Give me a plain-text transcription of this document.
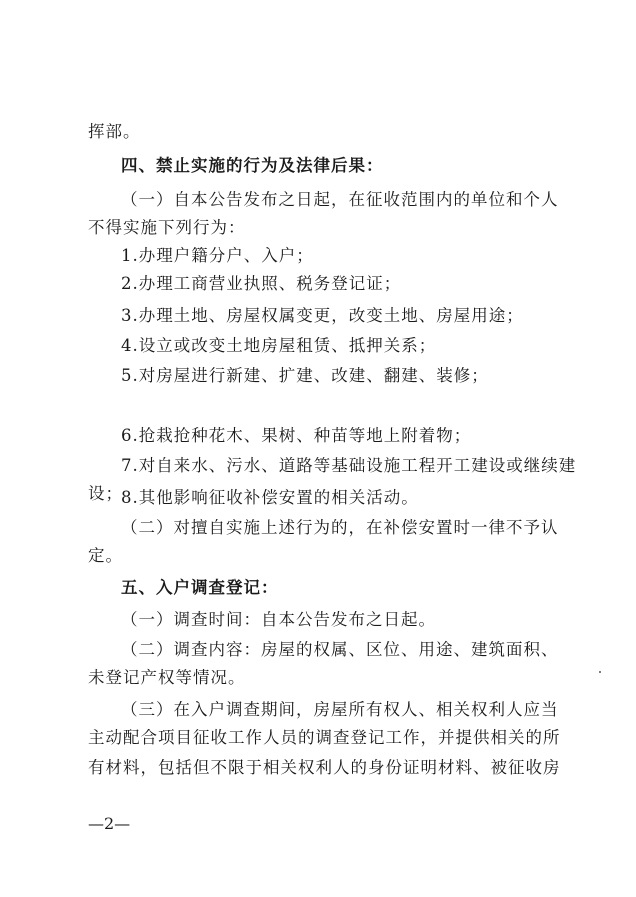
挥部。
四、禁止实施的行为及法律后果：
（一）自本公告发布之日起，在征收范围内的单位和个人
不得实施下列行为：
1.办理户籍分户、入户；
2.办理工商营业执照、税务登记证；
3.办理土地、房屋权属变更，改变土地、房屋用途；
4.设立或改变土地房屋租赁、抵押关系；
5.对房屋进行新建、扩建、改建、翻建、装修；
6.抢栽抢种花木、果树、种苗等地上附着物；
7.对自来水、污水、道路等基础设施工程开工建设或继续建
设；
8.其他影响征收补偿安置的相关活动。
（二）对擅自实施上述行为的，在补偿安置时一律不予认
定。
五、入户调查登记：
（一）调查时间：自本公告发布之日起。
（二）调查内容：房屋的权属、区位、用途、建筑面积、
未登记产权等情况。
（三）在入户调查期间，房屋所有权人、相关权利人应当
主动配合项目征收工作人员的调查登记工作，并提供相关的所
有材料，包括但不限于相关权利人的身份证明材料、被征收房
—2—
